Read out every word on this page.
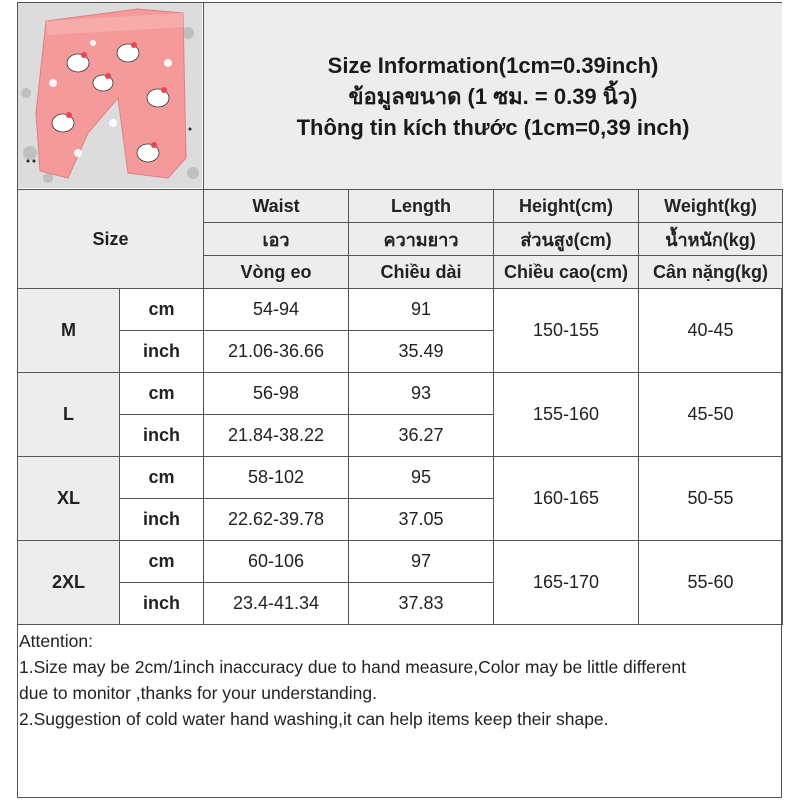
Size Information(1cm=0.39inch)
ข้อมูลขนาด (1 ซม. = 0.39 นิ้ว)
Thông tin kích thước (1cm=0,39 inch)
Size		Waist	Length	Height(cm)	Weight(kg)
		เอว	ความยาว	ส่วนสูง(cm)	น้ำหนัก(kg)
		Vòng eo	Chiều dài	Chiều cao(cm)	Cân nặng(kg)
M	cm	54-94	91	150-155	40-45
	inch	21.06-36.66	35.49		
L	cm	56-98	93	155-160	45-50
	inch	21.84-38.22	36.27		
XL	cm	58-102	95	160-165	50-55
	inch	22.62-39.78	37.05		
2XL	cm	60-106	97	165-170	55-60
	inch	23.4-41.34	37.83		
Attention:
1.Size may be 2cm/1inch inaccuracy due to hand measure,Color may be little different
due to monitor ,thanks for your understanding.
2.Suggestion of cold water hand washing,it can help items keep their shape.
